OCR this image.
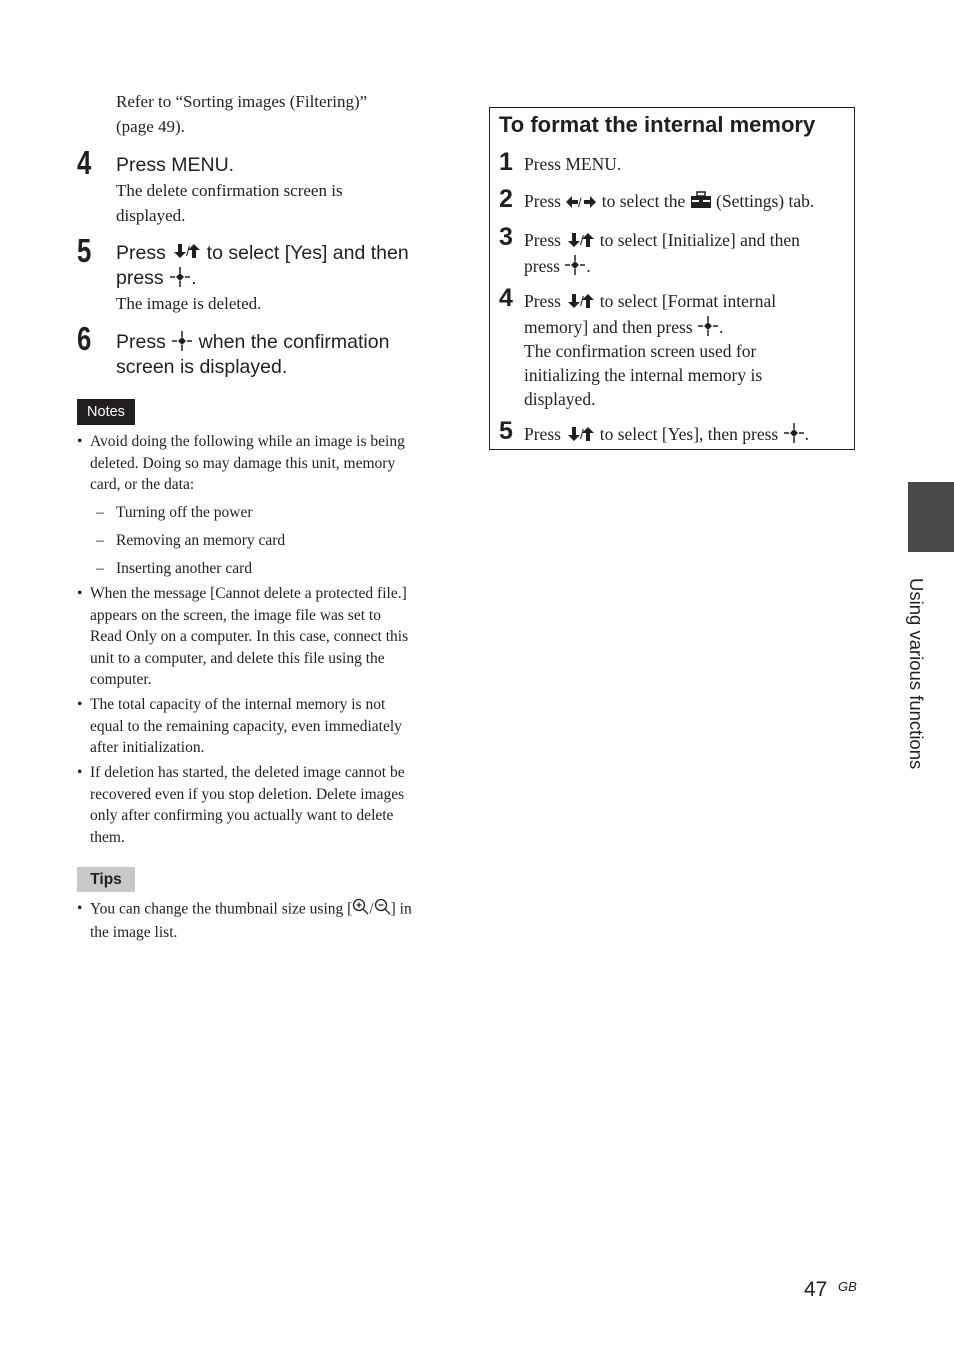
Refer to “Sorting images (Filtering)”
(page 49).
4 Press MENU.
The delete confirmation screen is
displayed.
5 Press / to select [Yes] and then
press
.
The image is deleted.
6 Press
when the confirmation
screen is displayed.
Notes
• Avoid doing the following while an image is being
deleted. Doing so may damage this unit, memory
card, or the data:
– Turning off the power
– Removing an memory card
– Inserting another card
• When the message [Cannot delete a protected file.]
appears on the screen, the image file was set to
Read Only on a computer. In this case, connect this
unit to a computer, and delete this file using the
computer.
• The total capacity of the internal memory is not
equal to the remaining capacity, even immediately
after initialization.
• If deletion has started, the deleted image cannot be
recovered even if you stop deletion. Delete images
only after confirming you actually want to delete
them.
Tips
• You can change the thumbnail size using [ / ] in
the image list.
To format the internal memory
1 Press MENU.
2 Press / to select the  (Settings) tab.
3 Press / to select [Initialize] and then
press
.
4 Press / to select [Format internal
memory] and then press
.
The confirmation screen used for
initializing the internal memory is
displayed.
5 Press / to select [Yes], then press
.
Using various functions
47 GB
